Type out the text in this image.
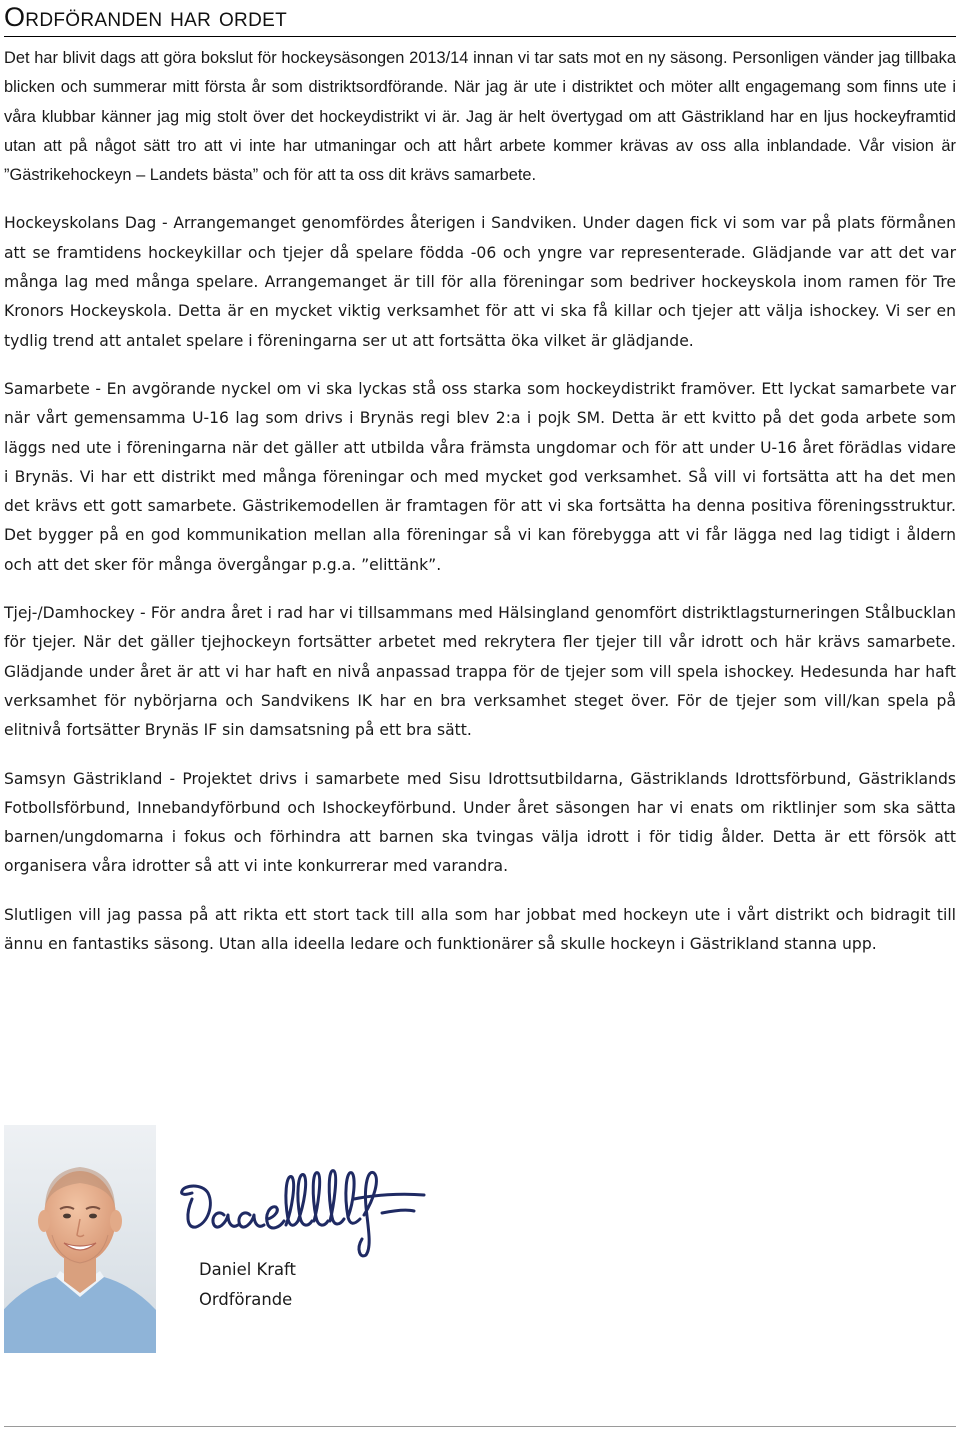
Ordföranden har ordet

Det har blivit dags att göra bokslut för hockeysäsongen 2013/14 innan vi tar sats mot en ny säsong. Personligen vänder jag tillbaka blicken och summerar mitt första år som distriktsordförande. När jag är ute i distriktet och möter allt engagemang som finns ute i våra klubbar känner jag mig stolt över det hockeydistrikt vi är. Jag är helt övertygad om att Gästrikland har en ljus hockeyframtid utan att på något sätt tro att vi inte har utmaningar och att hårt arbete kommer krävas av oss alla inblandade. Vår vision är ”Gästrikehockeyn – Landets bästa” och för att ta oss dit krävs samarbete.

Hockeyskolans Dag - Arrangemanget genomfördes återigen i Sandviken. Under dagen fick vi som var på plats förmånen att se framtidens hockeykillar och tjejer då spelare födda -06 och yngre var representerade. Glädjande var att det var många lag med många spelare. Arrangemanget är till för alla föreningar som bedriver hockeyskola inom ramen för Tre Kronors Hockeyskola. Detta är en mycket viktig verksamhet för att vi ska få killar och tjejer att välja ishockey. Vi ser en tydlig trend att antalet spelare i föreningarna ser ut att fortsätta öka vilket är glädjande.

Samarbete - En avgörande nyckel om vi ska lyckas stå oss starka som hockeydistrikt framöver. Ett lyckat samarbete var när vårt gemensamma U-16 lag som drivs i Brynäs regi blev 2:a i pojk SM. Detta är ett kvitto på det goda arbete som läggs ned ute i föreningarna när det gäller att utbilda våra främsta ungdomar och för att under U-16 året förädlas vidare i Brynäs. Vi har ett distrikt med många föreningar och med mycket god verksamhet. Så vill vi fortsätta att ha det men det krävs ett gott samarbete. Gästrikemodellen är framtagen för att vi ska fortsätta ha denna positiva föreningsstruktur. Det bygger på en god kommunikation mellan alla föreningar så vi kan förebygga att vi får lägga ned lag tidigt i åldern och att det sker för många övergångar p.g.a. ”elittänk”.

Tjej-/Damhockey - För andra året i rad har vi tillsammans med Hälsingland genomfört distriktlagsturneringen Stålbucklan för tjejer. När det gäller tjejhockeyn fortsätter arbetet med rekrytera fler tjejer till vår idrott och här krävs samarbete. Glädjande under året är att vi har haft en nivå anpassad trappa för de tjejer som vill spela ishockey. Hedesunda har haft verksamhet för nybörjarna och Sandvikens IK har en bra verksamhet steget över. För de tjejer som vill/kan spela på elitnivå fortsätter Brynäs IF sin damsatsning på ett bra sätt.

Samsyn Gästrikland - Projektet drivs i samarbete med Sisu Idrottsutbildarna, Gästriklands Idrottsförbund, Gästriklands Fotbollsförbund, Innebandyförbund och Ishockeyförbund. Under året säsongen har vi enats om riktlinjer som ska sätta barnen/ungdomarna i fokus och förhindra att barnen ska tvingas välja idrott i för tidig ålder. Detta är ett försök att organisera våra idrotter så att vi inte konkurrerar med varandra.

Slutligen vill jag passa på att rikta ett stort tack till alla som har jobbat med hockeyn ute i vårt distrikt och bidragit till ännu en fantastiks säsong. Utan alla ideella ledare och funktionärer så skulle hockeyn i Gästrikland stanna upp.

Daniel Kraft

Ordförande
